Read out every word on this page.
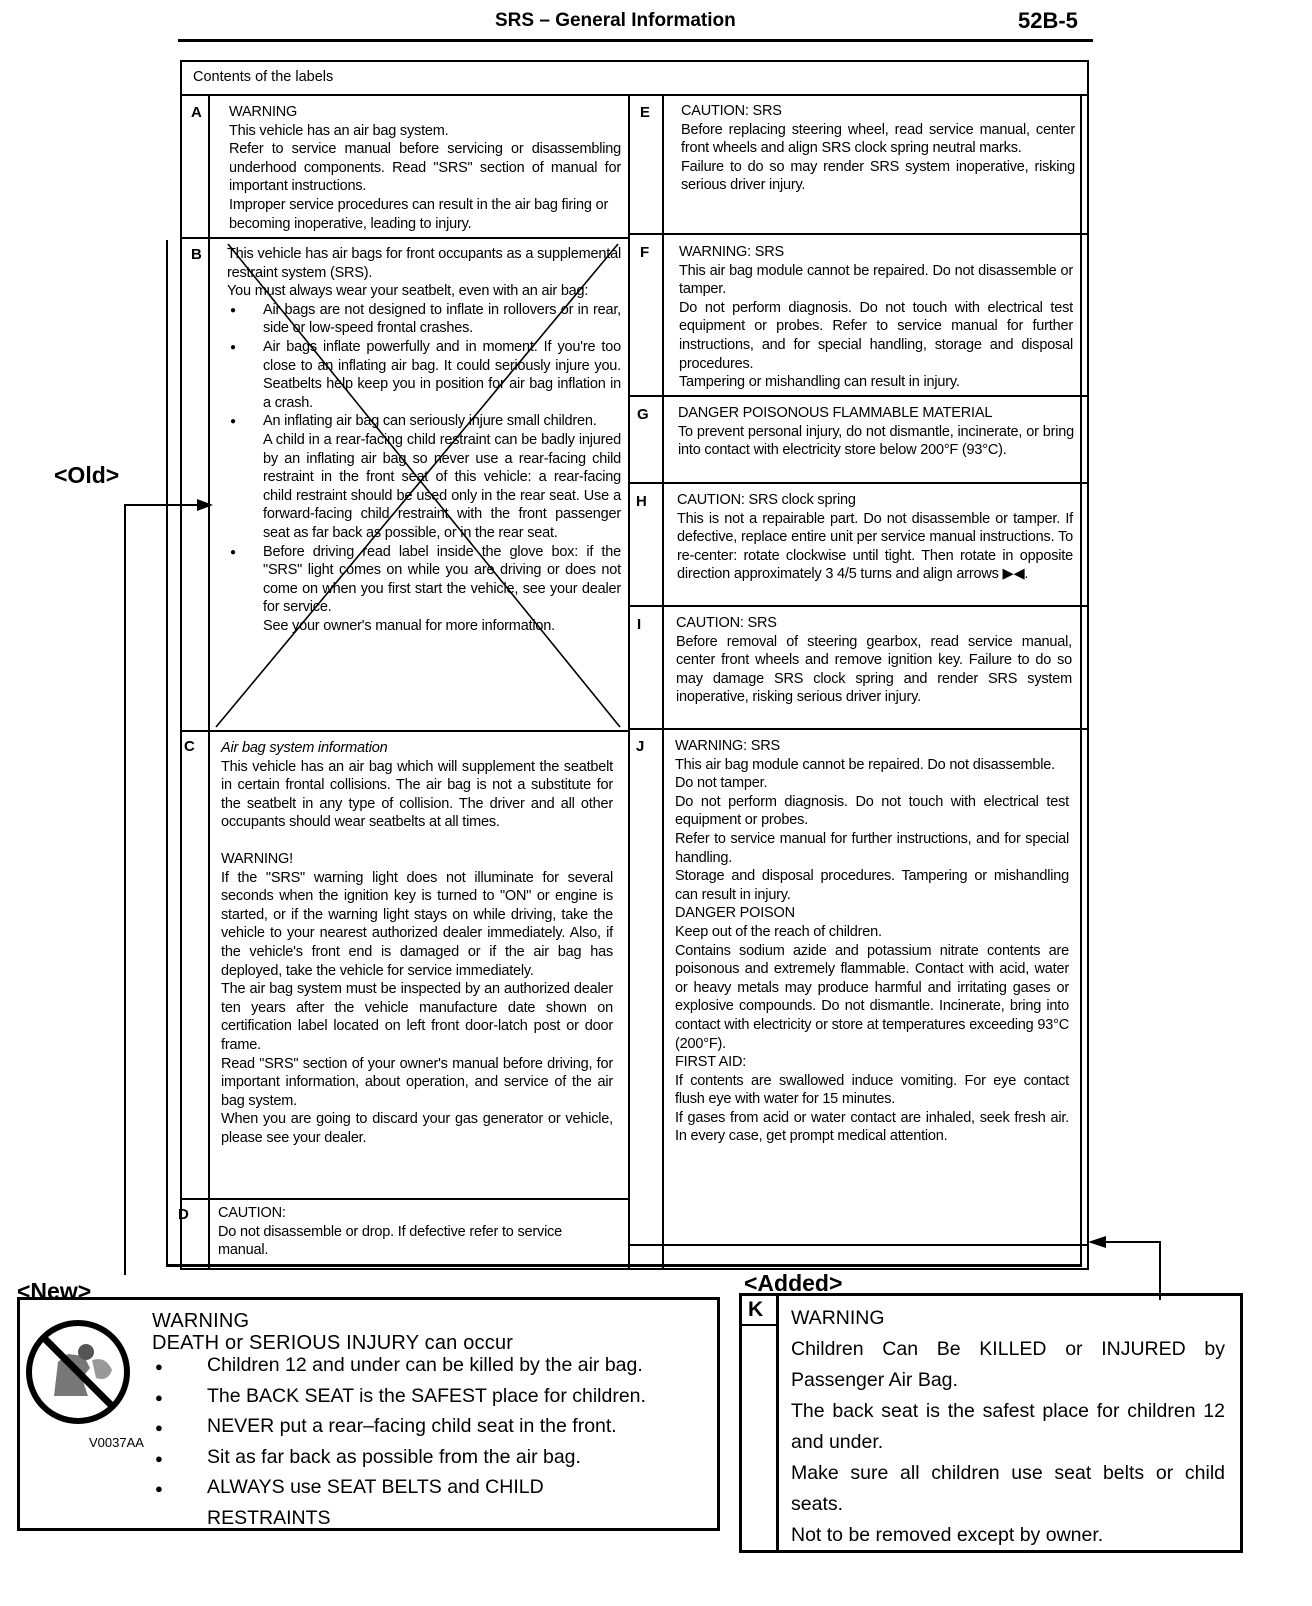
SRS – General Information	52B-5
Contents of the labels
A WARNING

This vehicle has an air bag system.

Refer to service manual before servicing or disassembling underhood components. Read "SRS" section of manual for important instructions.

Improper service procedures can result in the air bag firing or becoming inoperative, leading to injury.

B This vehicle has air bags for front occupants as a supplemental restraint system (SRS).

You must always wear your seatbelt, even with an air bag:

● Air bags are not designed to inflate in rollovers or in rear, side or low-speed frontal crashes.
● Air bags inflate powerfully and in moment. If you're too close to an inflating air bag. It could seriously injure you. Seatbelts help keep you in position for air bag inflation in a crash.
● An inflating air bag can seriously injure small children.

A child in a rear-facing child restraint can be badly injured by an inflating air bag so never use a rear-facing child restraint in the front seat of this vehicle: a rear-facing child restraint should be used only in the rear seat. Use a forward-facing child restraint with the front passenger seat as far back as possible, or in the rear seat.

● Before driving read label inside the glove box: if the "SRS" light comes on while you are driving or does not come on when you first start the vehicle, see your dealer for service.

See your owner's manual for more information.

C Air bag system information

This vehicle has an air bag which will supplement the seatbelt in certain frontal collisions. The air bag is not a substitute for the seatbelt in any type of collision. The driver and all other occupants should wear seatbelts at all times.

WARNING!

If the "SRS" warning light does not illuminate for several seconds when the ignition key is turned to "ON" or engine is started, or if the warning light stays on while driving, take the vehicle to your nearest authorized dealer immediately. Also, if the vehicle's front end is damaged or if the air bag has deployed, take the vehicle for service immediately.

The air bag system must be inspected by an authorized dealer ten years after the vehicle manufacture date shown on certification label located on left front door-latch post or door frame.

Read "SRS" section of your owner's manual before driving, for important information, about operation, and service of the air bag system.

When you are going to discard your gas generator or vehicle, please see your dealer.

D CAUTION:

Do not disassemble or drop. If defective refer to service manual.

E CAUTION: SRS

Before replacing steering wheel, read service manual, center front wheels and align SRS clock spring neutral marks.

Failure to do so may render SRS system inoperative, risking serious driver injury.

F WARNING: SRS

This air bag module cannot be repaired. Do not disassemble or tamper.

Do not perform diagnosis. Do not touch with electrical test equipment or probes. Refer to service manual for further instructions, and for special handling, storage and disposal procedures.

Tampering or mishandling can result in injury.

G DANGER POISONOUS FLAMMABLE MATERIAL

To prevent personal injury, do not dismantle, incinerate, or bring into contact with electricity store below 200°F (93°C).

H CAUTION: SRS clock spring

This is not a repairable part. Do not disassemble or tamper. If defective, replace entire unit per service manual instructions. To re-center: rotate clockwise until tight. Then rotate in opposite direction approximately 3 4/5 turns and align arrows ▶◀.

I CAUTION: SRS

Before removal of steering gearbox, read service manual, center front wheels and remove ignition key. Failure to do so may damage SRS clock spring and render SRS system inoperative, risking serious driver injury.

J WARNING: SRS

This air bag module cannot be repaired. Do not disassemble.

Do not tamper.

Do not perform diagnosis. Do not touch with electrical test equipment or probes.

Refer to service manual for further instructions, and for special handling.

Storage and disposal procedures. Tampering or mishandling can result in injury.

DANGER POISON

Keep out of the reach of children.

Contains sodium azide and potassium nitrate contents are poisonous and extremely flammable. Contact with acid, water or heavy metals may produce harmful and irritating gases or explosive compounds. Do not dismantle. Incinerate, bring into contact with electricity or store at temperatures exceeding 93°C (200°F).

FIRST AID:

If contents are swallowed induce vomiting. For eye contact flush eye with water for 15 minutes.

If gases from acid or water contact are inhaled, seek fresh air. In every case, get prompt medical attention.

<Old>
<New>	<Added>
V0037AA
WARNING
DEATH or SERIOUS INJURY can occur
● Children 12 and under can be killed by the air bag.
● The BACK SEAT is the SAFEST place for children.
● NEVER put a rear–facing child seat in the front.
● Sit as far back as possible from the air bag.
● ALWAYS use SEAT BELTS and CHILD RESTRAINTS
K WARNING

Children Can Be KILLED or INJURED by Passenger Air Bag.

The back seat is the safest place for children 12 and under.

Make sure all children use seat belts or child seats.

Not to be removed except by owner.
